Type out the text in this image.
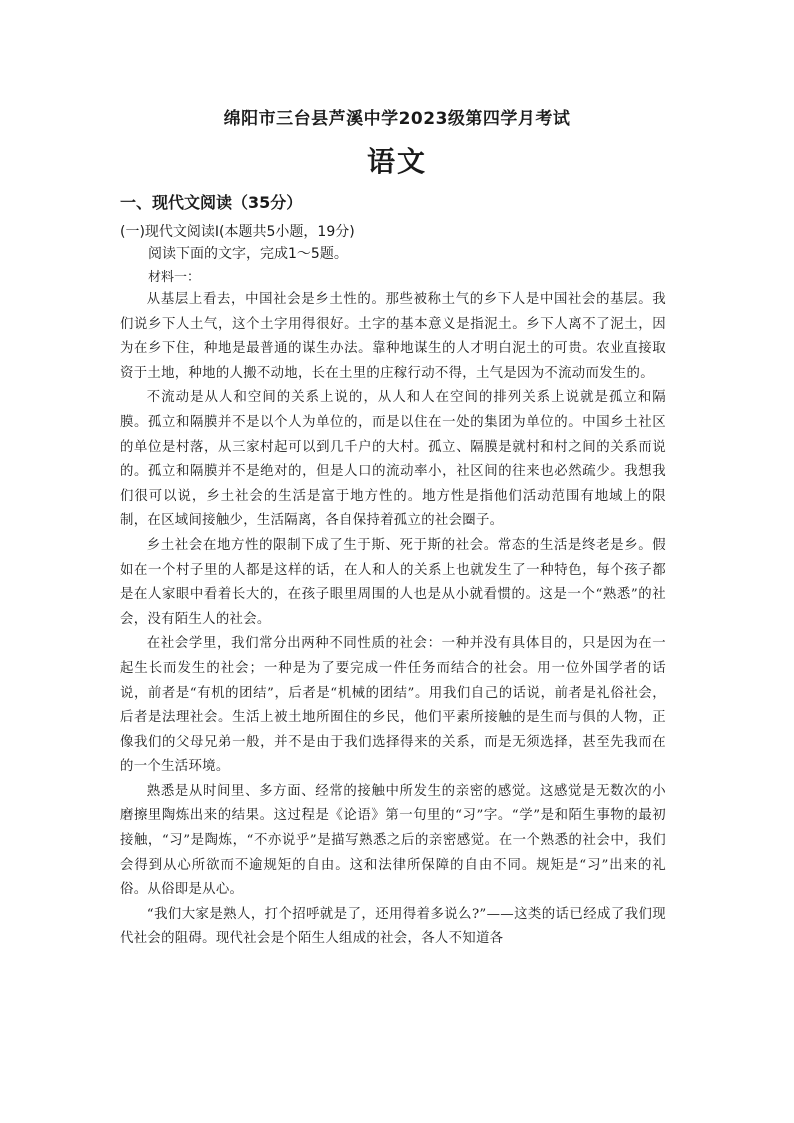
绵阳市三台县芦溪中学2023级第四学月考试
语文
一、现代文阅读（35分）
(一)现代文阅读Ⅰ(本题共5小题，19分)
阅读下面的文字，完成1～5题。
材料一：

从基层上看去，中国社会是乡土性的。那些被称土气的乡下人是中国社会的基层。我们说乡下人土气，这个土字用得很好。土字的基本意义是指泥土。乡下人离不了泥土，因为在乡下住，种地是最普通的谋生办法。靠种地谋生的人才明白泥土的可贵。农业直接取资于土地，种地的人搬不动地，长在土里的庄稼行动不得，土气是因为不流动而发生的。

不流动是从人和空间的关系上说的，从人和人在空间的排列关系上说就是孤立和隔膜。孤立和隔膜并不是以个人为单位的，而是以住在一处的集团为单位的。中国乡土社区的单位是村落，从三家村起可以到几千户的大村。孤立、隔膜是就村和村之间的关系而说的。孤立和隔膜并不是绝对的，但是人口的流动率小，社区间的往来也必然疏少。我想我们很可以说，乡土社会的生活是富于地方性的。地方性是指他们活动范围有地域上的限制，在区域间接触少，生活隔离，各自保持着孤立的社会圈子。

乡土社会在地方性的限制下成了生于斯、死于斯的社会。常态的生活是终老是乡。假如在一个村子里的人都是这样的话，在人和人的关系上也就发生了一种特色，每个孩子都是在人家眼中看着长大的，在孩子眼里周围的人也是从小就看惯的。这是一个“熟悉”的社会，没有陌生人的社会。

在社会学里，我们常分出两种不同性质的社会：一种并没有具体目的，只是因为在一起生长而发生的社会；一种是为了要完成一件任务而结合的社会。用一位外国学者的话说，前者是“有机的团结”，后者是“机械的团结”。用我们自己的话说，前者是礼俗社会，后者是法理社会。生活上被土地所囿住的乡民，他们平素所接触的是生而与俱的人物，正像我们的父母兄弟一般，并不是由于我们选择得来的关系，而是无须选择，甚至先我而在的一个生活环境。

熟悉是从时间里、多方面、经常的接触中所发生的亲密的感觉。这感觉是无数次的小磨擦里陶炼出来的结果。这过程是《论语》第一句里的“习”字。“学”是和陌生事物的最初接触，“习”是陶炼，“不亦说乎”是描写熟悉之后的亲密感觉。在一个熟悉的社会中，我们会得到从心所欲而不逾规矩的自由。这和法律所保障的自由不同。规矩是“习”出来的礼俗。从俗即是从心。

“我们大家是熟人，打个招呼就是了，还用得着多说么?”——这类的话已经成了我们现代社会的阻碍。现代社会是个陌生人组成的社会，各人不知道各
